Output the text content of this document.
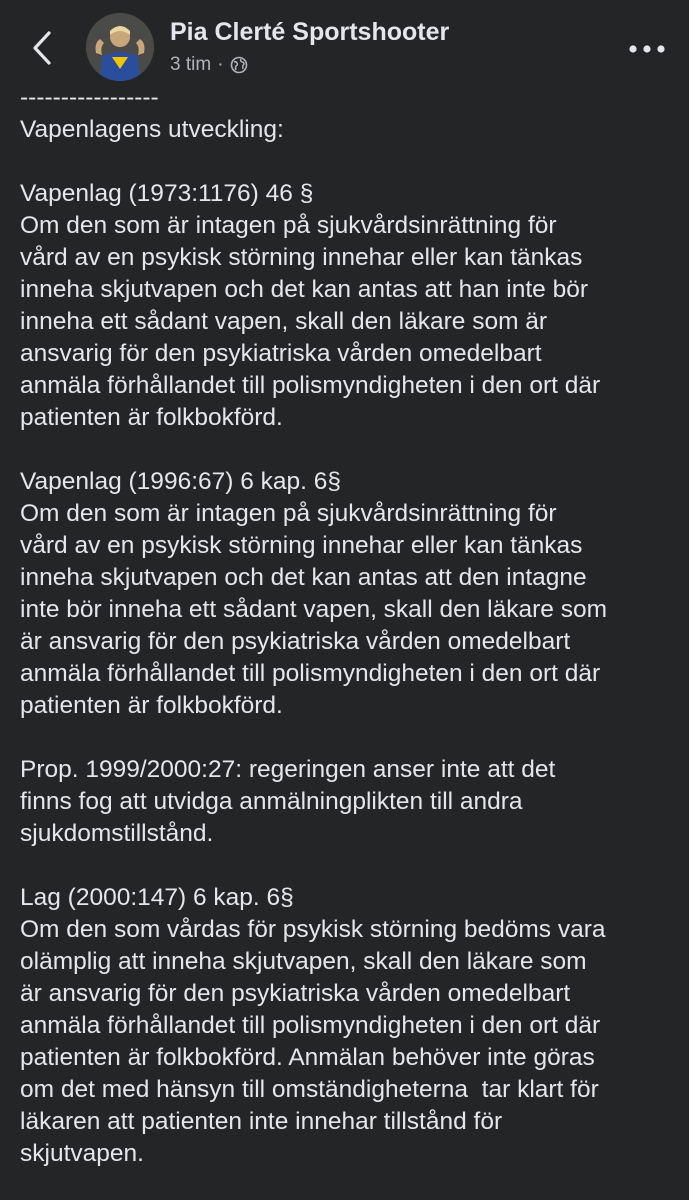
Pia Clerté Sportshooter
3 tim ·
-----------------
Vapenlagens utveckling:

Vapenlag (1973:1176) 46 §
Om den som är intagen på sjukvårdsinrättning för
vård av en psykisk störning innehar eller kan tänkas
inneha skjutvapen och det kan antas att han inte bör
inneha ett sådant vapen, skall den läkare som är
ansvarig för den psykiatriska vården omedelbart
anmäla förhållandet till polismyndigheten i den ort där
patienten är folkbokförd.

Vapenlag (1996:67) 6 kap. 6§
Om den som är intagen på sjukvårdsinrättning för
vård av en psykisk störning innehar eller kan tänkas
inneha skjutvapen och det kan antas att den intagne
inte bör inneha ett sådant vapen, skall den läkare som
är ansvarig för den psykiatriska vården omedelbart
anmäla förhållandet till polismyndigheten i den ort där
patienten är folkbokförd.

Prop. 1999/2000:27: regeringen anser inte att det
finns fog att utvidga anmälningplikten till andra
sjukdomstillstånd.

Lag (2000:147) 6 kap. 6§
Om den som vårdas för psykisk störning bedöms vara
olämplig att inneha skjutvapen, skall den läkare som
är ansvarig för den psykiatriska vården omedelbart
anmäla förhållandet till polismyndigheten i den ort där
patienten är folkbokförd. Anmälan behöver inte göras
om det med hänsyn till omständigheterna  tar klart för
läkaren att patienten inte innehar tillstånd för
skjutvapen.
